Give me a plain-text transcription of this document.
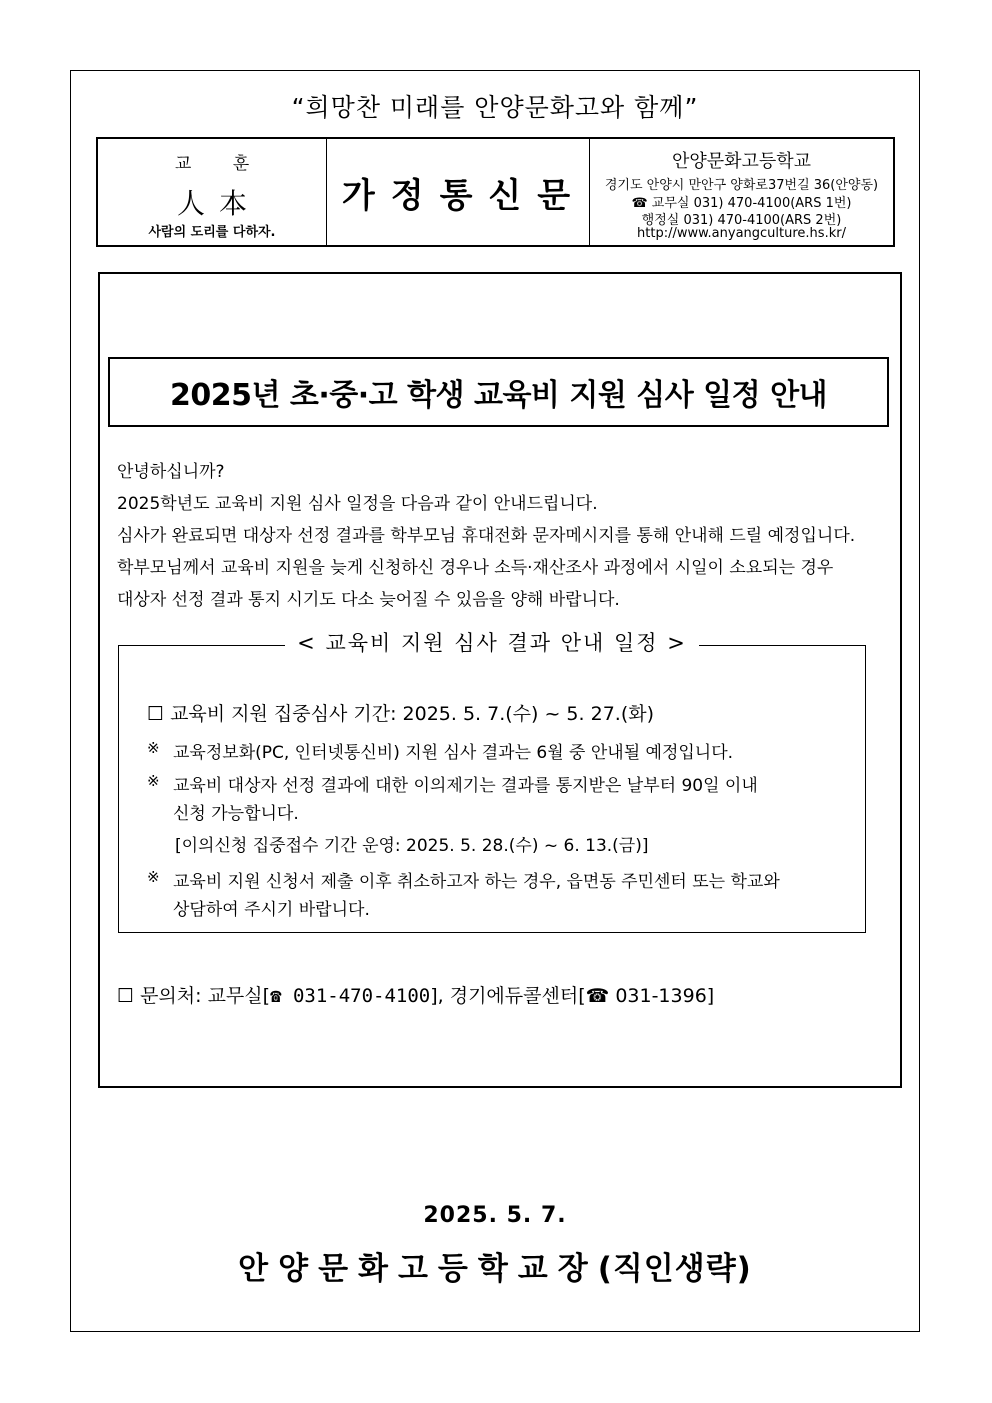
“희망찬 미래를 안양문화고와 함께”
교 훈
人本
사람의 도리를 다하자.
가정통신문
안양문화고등학교
경기도 안양시 만안구 양화로37번길 36(안양동)
☎ 교무실 031) 470-4100(ARS 1번)
행정실 031) 470-4100(ARS 2번)
http://www.anyangculture.hs.kr/
2025년 초·중·고 학생 교육비 지원 심사 일정 안내
안녕하십니까?
2025학년도 교육비 지원 심사 일정을 다음과 같이 안내드립니다.
심사가 완료되면 대상자 선정 결과를 학부모님 휴대전화 문자메시지를 통해 안내해 드릴 예정입니다.
학부모님께서 교육비 지원을 늦게 신청하신 경우나 소득·재산조사 과정에서 시일이 소요되는 경우
대상자 선정 결과 통지 시기도 다소 늦어질 수 있음을 양해 바랍니다.
< 교육비 지원 심사 결과 안내 일정 >
☐ 교육비 지원 집중심사 기간: 2025. 5. 7.(수) ~ 5. 27.(화)
※ 교육정보화(PC, 인터넷통신비) 지원 심사 결과는 6월 중 안내될 예정입니다.
※ 교육비 대상자 선정 결과에 대한 이의제기는 결과를 통지받은 날부터 90일 이내
신청 가능합니다.
[이의신청 집중접수 기간 운영: 2025. 5. 28.(수) ~ 6. 13.(금)]
※ 교육비 지원 신청서 제출 이후 취소하고자 하는 경우, 읍면동 주민센터 또는 학교와
상담하여 주시기 바랍니다.
☐ 문의처: 교무실[☎ 031-470-4100], 경기에듀콜센터[☎ 031-1396]
2025. 5. 7.
안양문화고등학교장(직인생략)
